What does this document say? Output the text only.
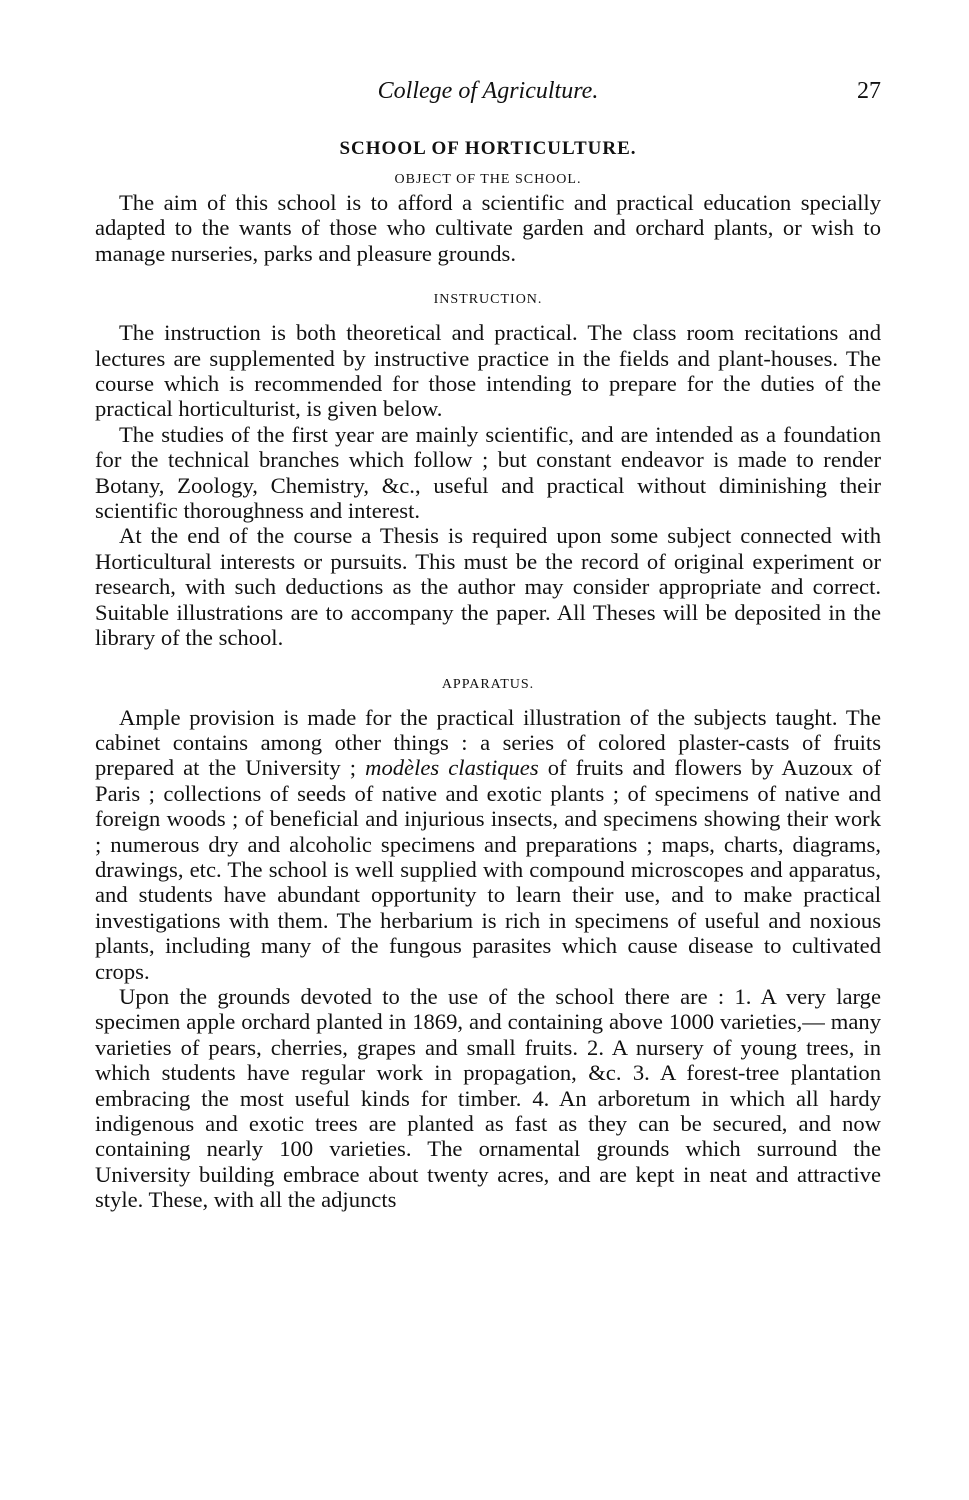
College of Agriculture.	27
SCHOOL OF HORTICULTURE.
OBJECT OF THE SCHOOL.

The aim of this school is to afford a scientific and practical education specially adapted to the wants of those who cultivate garden and orchard plants, or wish to manage nurseries, parks and pleasure grounds.

INSTRUCTION.

The instruction is both theoretical and practical. The class room recitations and lectures are supplemented by instructive practice in the fields and plant-houses. The course which is recommended for those intending to prepare for the duties of the practical horticulturist, is given below.

The studies of the first year are mainly scientific, and are intended as a foundation for the technical branches which follow ; but constant endeavor is made to render Botany, Zoology, Chemistry, &c., useful and practical without diminishing their scientific thoroughness and interest.

At the end of the course a Thesis is required upon some subject connected with Horticultural interests or pursuits. This must be the record of original experiment or research, with such deductions as the author may consider appropriate and correct. Suitable illustrations are to accompany the paper. All Theses will be deposited in the library of the school.

APPARATUS.

Ample provision is made for the practical illustration of the subjects taught. The cabinet contains among other things : a series of colored plaster-casts of fruits prepared at the University ; modèles clastiques of fruits and flowers by Auzoux of Paris ; collections of seeds of native and exotic plants ; of specimens of native and foreign woods ; of beneficial and injurious insects, and specimens showing their work ; numerous dry and alcoholic specimens and preparations ; maps, charts, diagrams, drawings, etc. The school is well supplied with compound microscopes and apparatus, and students have abundant opportunity to learn their use, and to make practical investigations with them. The herbarium is rich in specimens of useful and noxious plants, including many of the fungous parasites which cause disease to cultivated crops.

Upon the grounds devoted to the use of the school there are : 1. A very large specimen apple orchard planted in 1869, and containing above 1000 varieties,— many varieties of pears, cherries, grapes and small fruits. 2. A nursery of young trees, in which students have regular work in propagation, &c. 3. A forest-tree plantation embracing the most useful kinds for timber. 4. An arboretum in which all hardy indigenous and exotic trees are planted as fast as they can be secured, and now containing nearly 100 varieties. The ornamental grounds which surround the University building embrace about twenty acres, and are kept in neat and attractive style. These, with all the adjuncts
